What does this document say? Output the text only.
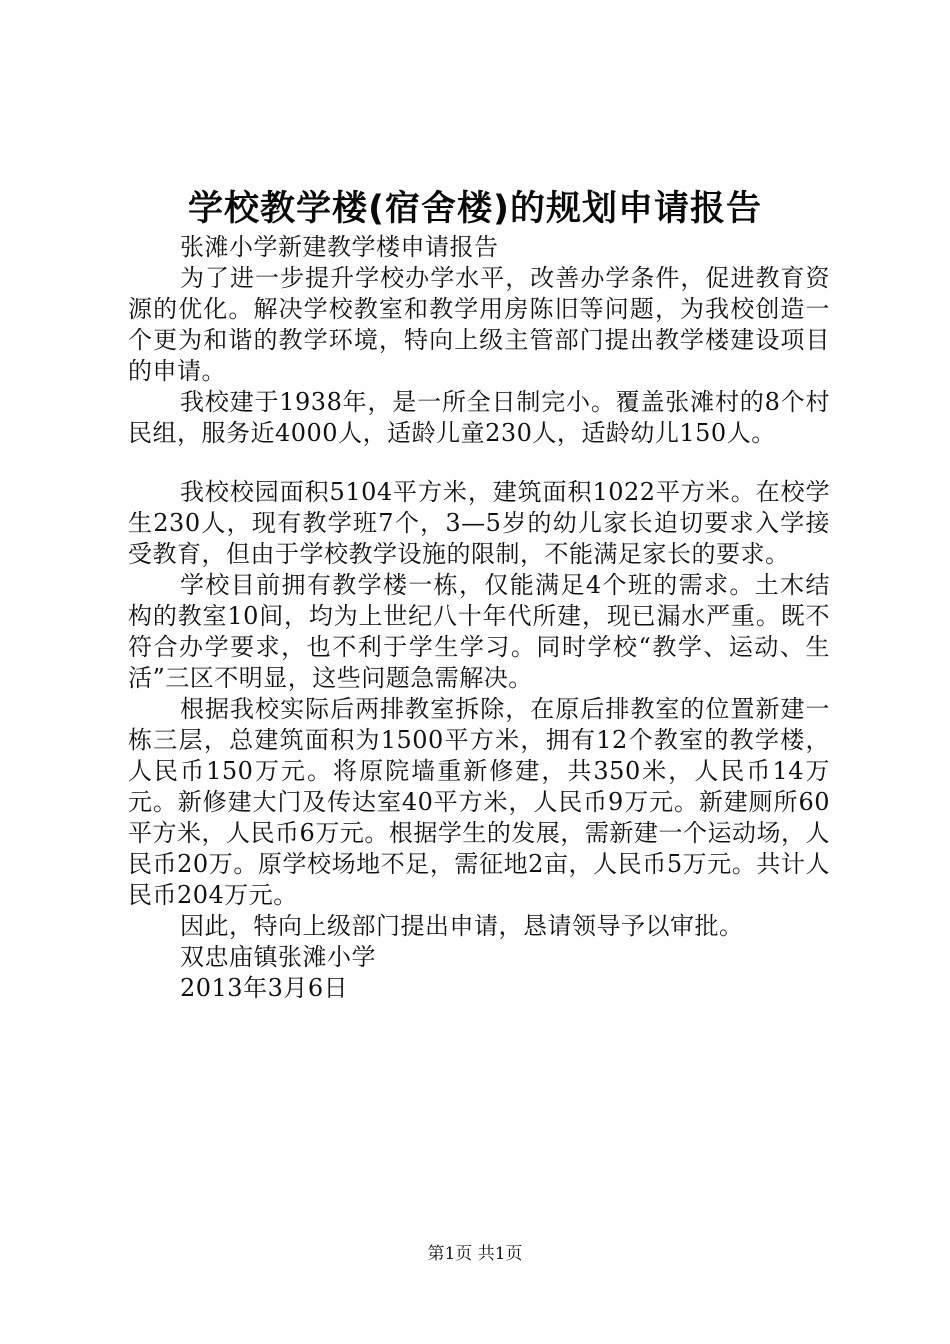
学校教学楼(宿舍楼)的规划申请报告

张滩小学新建教学楼申请报告

为了进一步提升学校办学水平，改善办学条件，促进教育资源的优化。解决学校教室和教学用房陈旧等问题，为我校创造一个更为和谐的教学环境，特向上级主管部门提出教学楼建设项目的申请。

我校建于1938年，是一所全日制完小。覆盖张滩村的8个村民组，服务近4000人，适龄儿童230人，适龄幼儿150人。

我校校园面积5104平方米，建筑面积1022平方米。在校学生230人，现有教学班7个，3—5岁的幼儿家长迫切要求入学接受教育，但由于学校教学设施的限制，不能满足家长的要求。

学校目前拥有教学楼一栋，仅能满足4个班的需求。土木结构的教室10间，均为上世纪八十年代所建，现已漏水严重。既不符合办学要求，也不利于学生学习。同时学校“教学、运动、生活”三区不明显，这些问题急需解决。

根据我校实际后两排教室拆除，在原后排教室的位置新建一栋三层，总建筑面积为1500平方米，拥有12个教室的教学楼，人民币150万元。将原院墙重新修建，共350米，人民币14万元。新修建大门及传达室40平方米，人民币9万元。新建厕所60平方米，人民币6万元。根据学生的发展，需新建一个运动场，人民币20万。原学校场地不足，需征地2亩，人民币5万元。共计人民币204万元。

因此，特向上级部门提出申请，恳请领导予以审批。

双忠庙镇张滩小学

2013年3月6日

第1页 共1页
